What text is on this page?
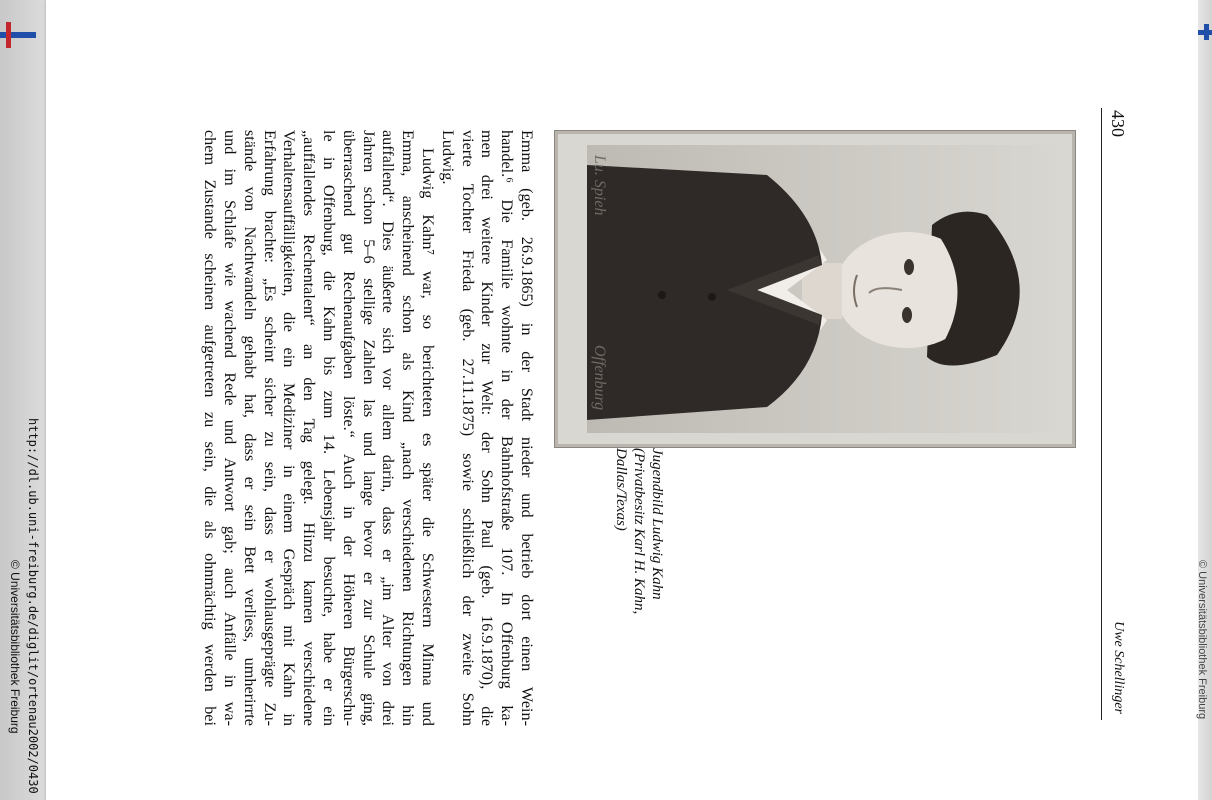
http://dl.ub.uni-freiburg.de/diglit/ortenau2002/0430
© Universitätsbibliothek Freiburg	© Universitätsbibliothek Freiburg
430
Uwe Schellinger
Lu. Spieh
Offenburg
Jugendbild Ludwig Kahn
(Privatbesitz Karl H. Kahn,
Dallas/Texas)
Emma (geb. 26.9.1865) in der Stadt nieder und betrieb dort einen Wein-
handel.⁶ Die Familie wohnte in der Bahnhofstraße 107. In Offenburg ka-
men drei weitere Kinder zur Welt: der Sohn Paul (geb. 16.9.1870), die
vierte Tochter Frieda (geb. 27.11.1875) sowie schließlich der zweite Sohn
Ludwig.
Ludwig Kahn⁷ war, so berichteten es später die Schwestern Minna und
Emma, anscheinend schon als Kind „nach verschiedenen Richtungen hin
auffallend“. Dies äußerte sich vor allem darin, dass er „im Alter von drei
Jahren schon 5–6 stellige Zahlen las und lange bevor er zur Schule ging,
überraschend gut Rechenaufgaben löste.“ Auch in der Höheren Bürgerschu-
le in Offenburg, die Kahn bis zum 14. Lebensjahr besuchte, habe er ein
„auffallendes Rechentalent“ an den Tag gelegt. Hinzu kamen verschiedene
Verhaltensauffälligkeiten, die ein Mediziner in einem Gespräch mit Kahn in
Erfahrung brachte: „Es scheint sicher zu sein, dass er wohlausgeprägte Zu-
stände von Nachtwandeln gehabt hat, dass er sein Bett verliess, umherirrte
und im Schlafe wie wachend Rede und Antwort gab; auch Anfälle in wa-
chem Zustande scheinen aufgetreten zu sein, die als ohnmächtig werden bei
